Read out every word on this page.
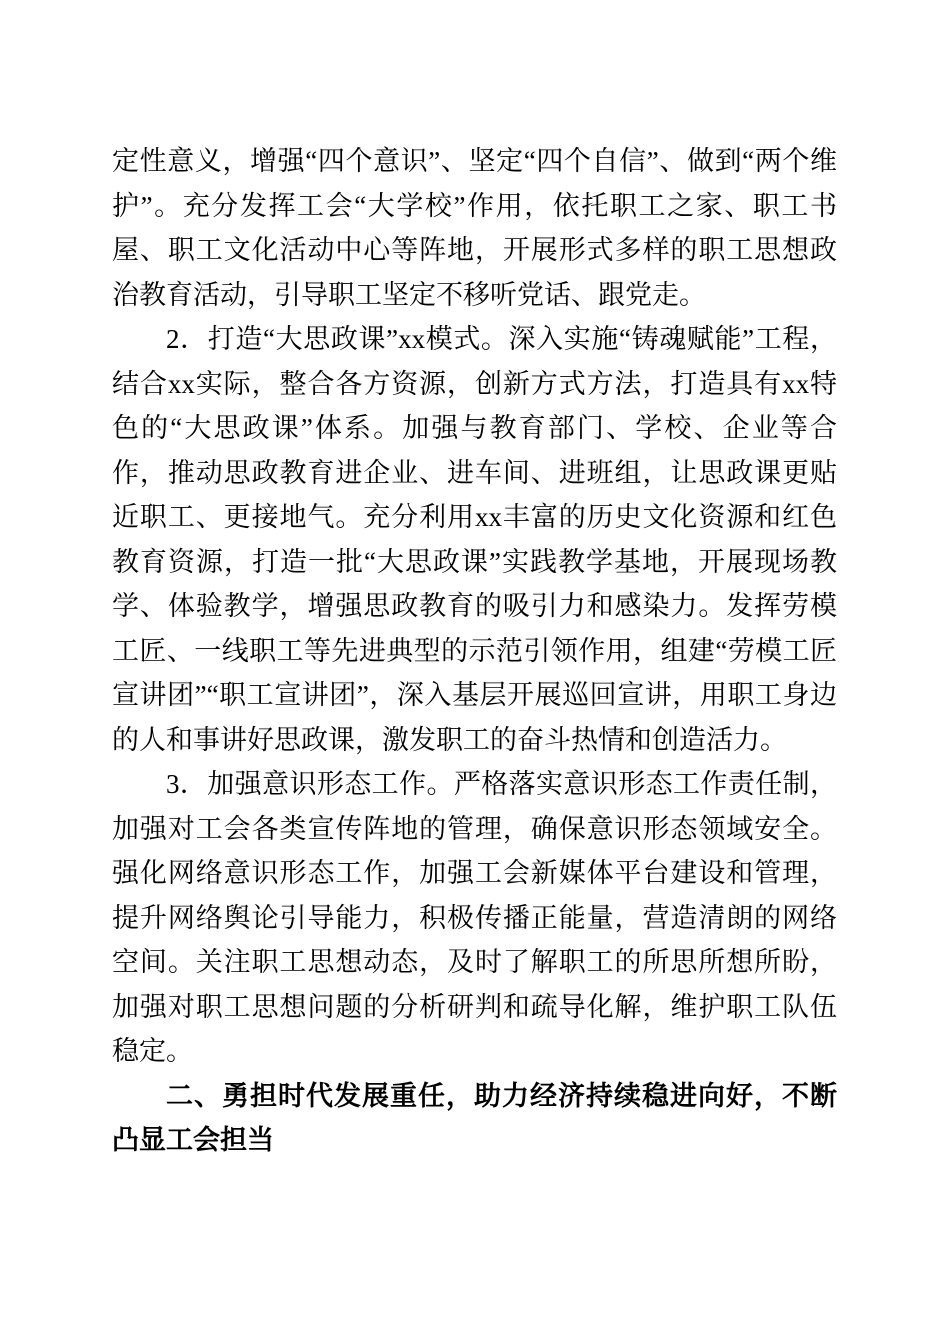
定性意义，增强“四个意识”、坚定“四个自信”、做到“两个维护”。充分发挥工会“大学校”作用，依托职工之家、职工书屋、职工文化活动中心等阵地，开展形式多样的职工思想政治教育活动，引导职工坚定不移听党话、跟党走。

2．打造“大思政课”xx模式。深入实施“铸魂赋能”工程，结合xx实际，整合各方资源，创新方式方法，打造具有xx特色的“大思政课”体系。加强与教育部门、学校、企业等合作，推动思政教育进企业、进车间、进班组，让思政课更贴近职工、更接地气。充分利用xx丰富的历史文化资源和红色教育资源，打造一批“大思政课”实践教学基地，开展现场教学、体验教学，增强思政教育的吸引力和感染力。发挥劳模工匠、一线职工等先进典型的示范引领作用，组建“劳模工匠宣讲团”“职工宣讲团”，深入基层开展巡回宣讲，用职工身边的人和事讲好思政课，激发职工的奋斗热情和创造活力。

3．加强意识形态工作。严格落实意识形态工作责任制，加强对工会各类宣传阵地的管理，确保意识形态领域安全。强化网络意识形态工作，加强工会新媒体平台建设和管理，提升网络舆论引导能力，积极传播正能量，营造清朗的网络空间。关注职工思想动态，及时了解职工的所思所想所盼，加强对职工思想问题的分析研判和疏导化解，维护职工队伍稳定。

二、勇担时代发展重任，助力经济持续稳进向好，不断凸显工会担当
